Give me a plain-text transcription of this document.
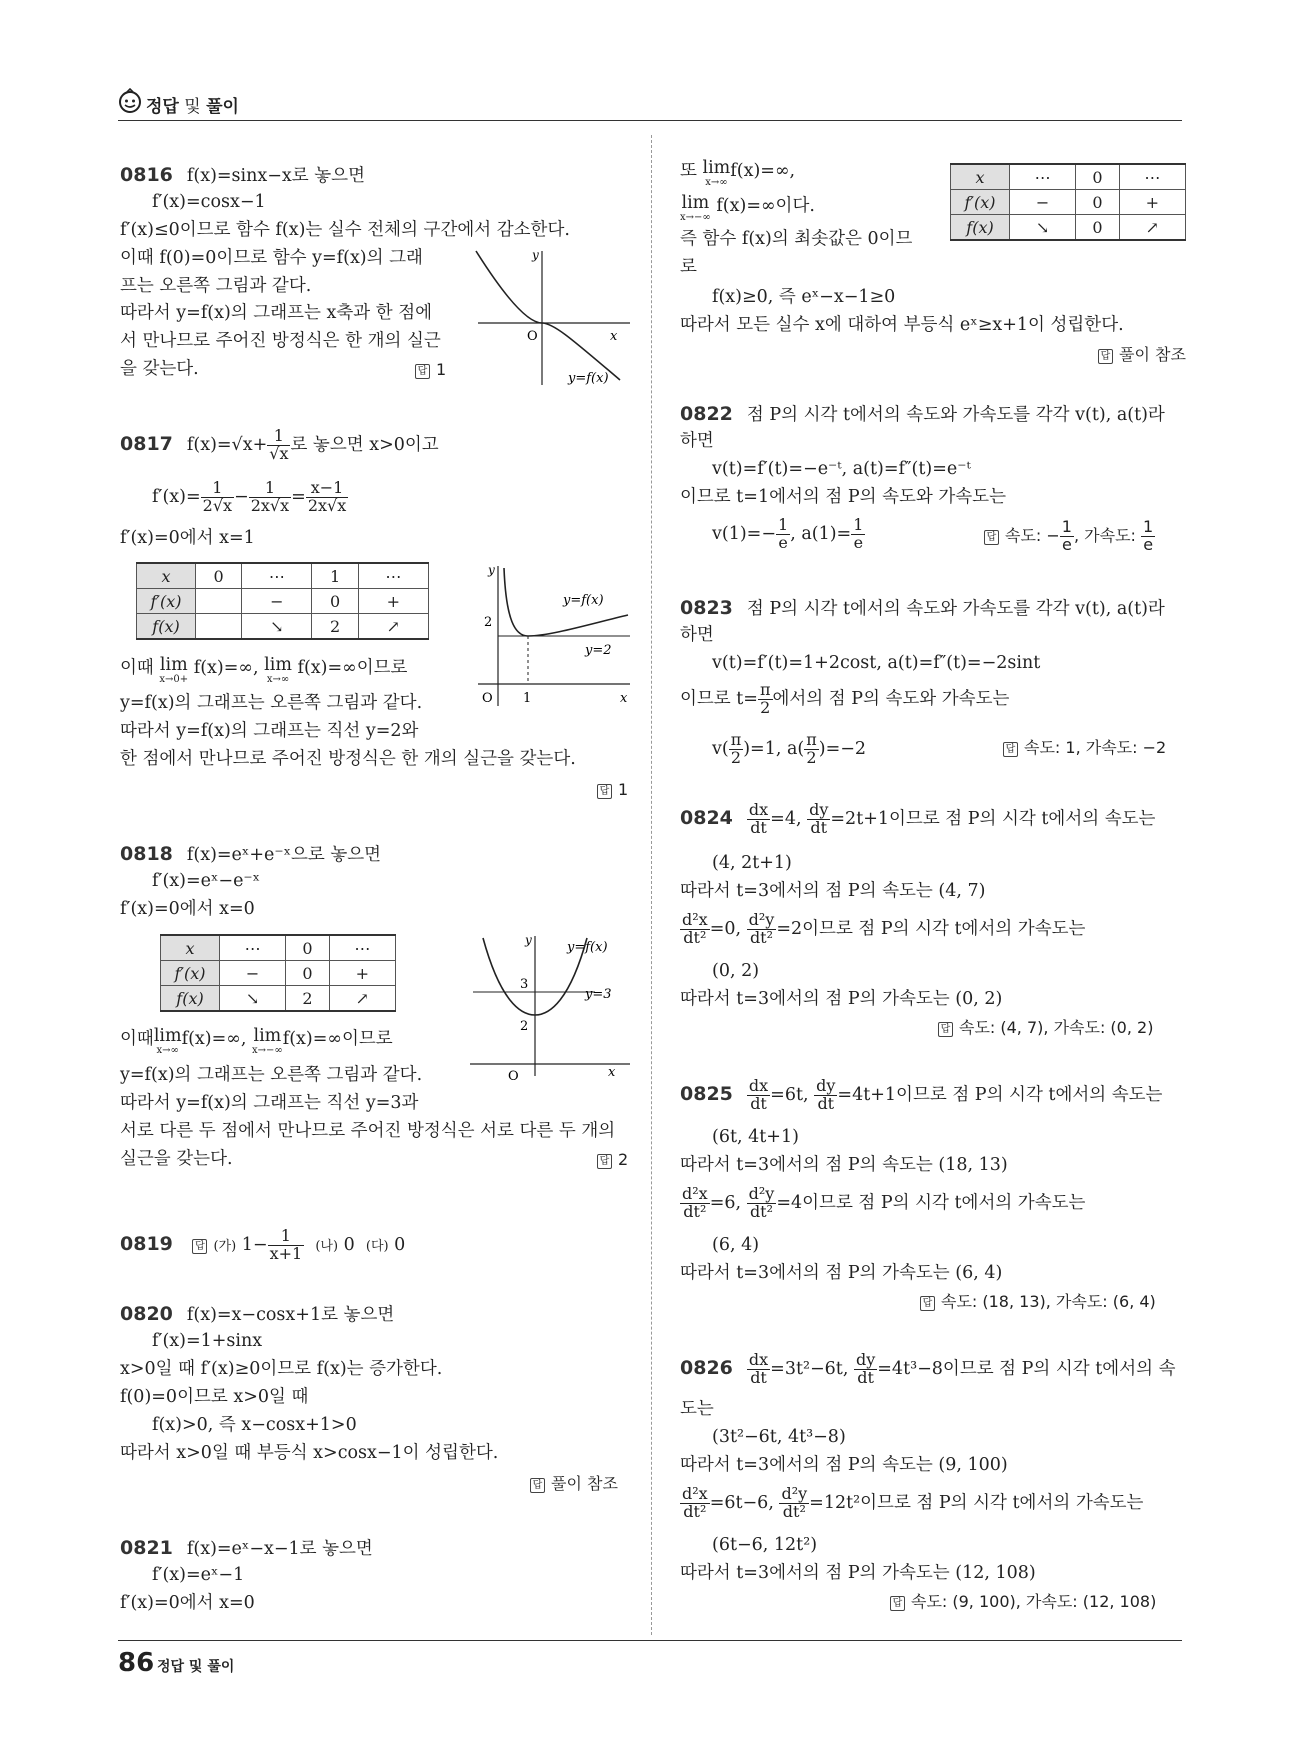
정답 및 풀이
0816 f(x)=sinx−x로 놓으면
f′(x)=cosx−1
f′(x)≤0이므로 함수 f(x)는 실수 전체의 구간에서 감소한다.
이때 f(0)=0이므로 함수 y=f(x)의 그래
프는 오른쪽 그림과 같다.
따라서 y=f(x)의 그래프는 x축과 한 점에
서 만나므로 주어진 방정식은 한 개의 실근
을 갖는다.	답 1
y
x
O
y=f(x)
0817 $f(x)=√x+ \frac{1}{√x}$ 로 놓으면 x>0이고
$f'(x)= \frac{1}{2√x} - \frac{1}{2x√x} = \frac{x-1}{2x√x}$
f′(x)=0에서 x=1
x	0	⋯	1	⋯
f′(x)		−	0	+
f(x)		↘	2	↗
이때 lim
x→0+
f(x)=∞, lim
x→∞
f(x)=∞이므로
y=f(x)의 그래프는 오른쪽 그림과 같다.
따라서 y=f(x)의 그래프는 직선 y=2와
한 점에서 만나므로 주어진 방정식은 한 개의 실근을 갖는다.
답 1
y
x
O 1
2
y=f(x)
y=2
0818 f(x)=eˣ+e⁻ˣ으로 놓으면
f′(x)=eˣ−e⁻ˣ
f′(x)=0에서 x=0
x	⋯	0	⋯
f′(x)	−	0	+
f(x)	↘	2	↗
이때lim
x→∞
f(x)=∞, lim
x→−∞
f(x)=∞이므로
y=f(x)의 그래프는 오른쪽 그림과 같다.
따라서 y=f(x)의 그래프는 직선 y=3과
서로 다른 두 점에서 만나므로 주어진 방정식은 서로 다른 두 개의
실근을 갖는다.	답 2
y
x
O
3
2
y=f(x)
y=3
0819 답 (가) $1- \frac{1}{x+1}$ (나) 0 (다) 0
0820 f(x)=x−cosx+1로 놓으면
f′(x)=1+sinx
x>0일 때 f′(x)≥0이므로 f(x)는 증가한다.
f(0)=0이므로 x>0일 때
f(x)>0, 즉 x−cosx+1>0
따라서 x>0일 때 부등식 x>cosx−1이 성립한다.
답 풀이 참조
0821 f(x)=eˣ−x−1로 놓으면
f′(x)=eˣ−1
f′(x)=0에서 x=0
또 lim
x→∞
f(x)=∞,
lim
x→−∞
f(x)=∞이다.
즉 함수 f(x)의 최솟값은 0이므
로
f(x)≥0, 즉 eˣ−x−1≥0
따라서 모든 실수 x에 대하여 부등식 eˣ≥x+1이 성립한다.
답 풀이 참조
x	⋯	0	⋯
f′(x)	−	0	+
f(x)	↘	0	↗
0822 점 P의 시각 t에서의 속도와 가속도를 각각 v(t), a(t)라
하면
v(t)=f′(t)=−e⁻ᵗ, a(t)=f″(t)=e⁻ᵗ
이므로 t=1에서의 점 P의 속도와 가속도는
$v(1)=- \frac{1}{e}$ , $a(1)= \frac{1}{e}$	답 속도: − $\frac{1}{e}$ , 가속도: $\frac{1}{e}$
0823 점 P의 시각 t에서의 속도와 가속도를 각각 v(t), a(t)라
하면
v(t)=f′(t)=1+2cost, a(t)=f″(t)=−2sint
이므로 $t= \frac{\pi}{2}$ 에서의 점 P의 속도와 가속도는
$v( \frac{\pi}{2} )=1$, $a( \frac{\pi}{2} )=-2$	답 속도: 1, 가속도: −2
$0824 \frac{dx}{dt} =4$, $\frac{dy}{dt} =2t+1$이므로 점 P의 시각 t에서의 속도는
(4, 2t+1)
따라서 t=3에서의 점 P의 속도는 (4, 7)
$\frac{\text{d²x}}{\text{dt²}} =0$, $\frac{\text{d²y}}{\text{dt²}} =2$이므로 점 P의 시각 t에서의 가속도는
(0, 2)
따라서 t=3에서의 점 P의 가속도는 (0, 2)
답 속도: (4, 7), 가속도: (0, 2)
$0825 \frac{dx}{dt} =6t$, $\frac{dy}{dt} =4t+1$이므로 점 P의 시각 t에서의 속도는
(6t, 4t+1)
따라서 t=3에서의 점 P의 속도는 (18, 13)
$\frac{\text{d²x}}{\text{dt²}} =6$, $\frac{\text{d²y}}{\text{dt²}} =4$이므로 점 P의 시각 t에서의 가속도는
(6, 4)
따라서 t=3에서의 점 P의 가속도는 (6, 4)
답 속도: (18, 13), 가속도: (6, 4)
$0826 \frac{dx}{dt} =3t^2-6t$, $\frac{dy}{dt} =4t^3-8$이므로 점 P의 시각 t에서의 속
도는
(3t²−6t, 4t³−8)
따라서 t=3에서의 점 P의 속도는 (9, 100)
$\frac{\text{d²x}}{\text{dt²}} =6t-6$, $\frac{\text{d²y}}{\text{dt²}} =12t^2$이므로 점 P의 시각 t에서의 가속도는
(6t−6, 12t²)
따라서 t=3에서의 점 P의 가속도는 (12, 108)
답 속도: (9, 100), 가속도: (12, 108)
86 정답 및 풀이
